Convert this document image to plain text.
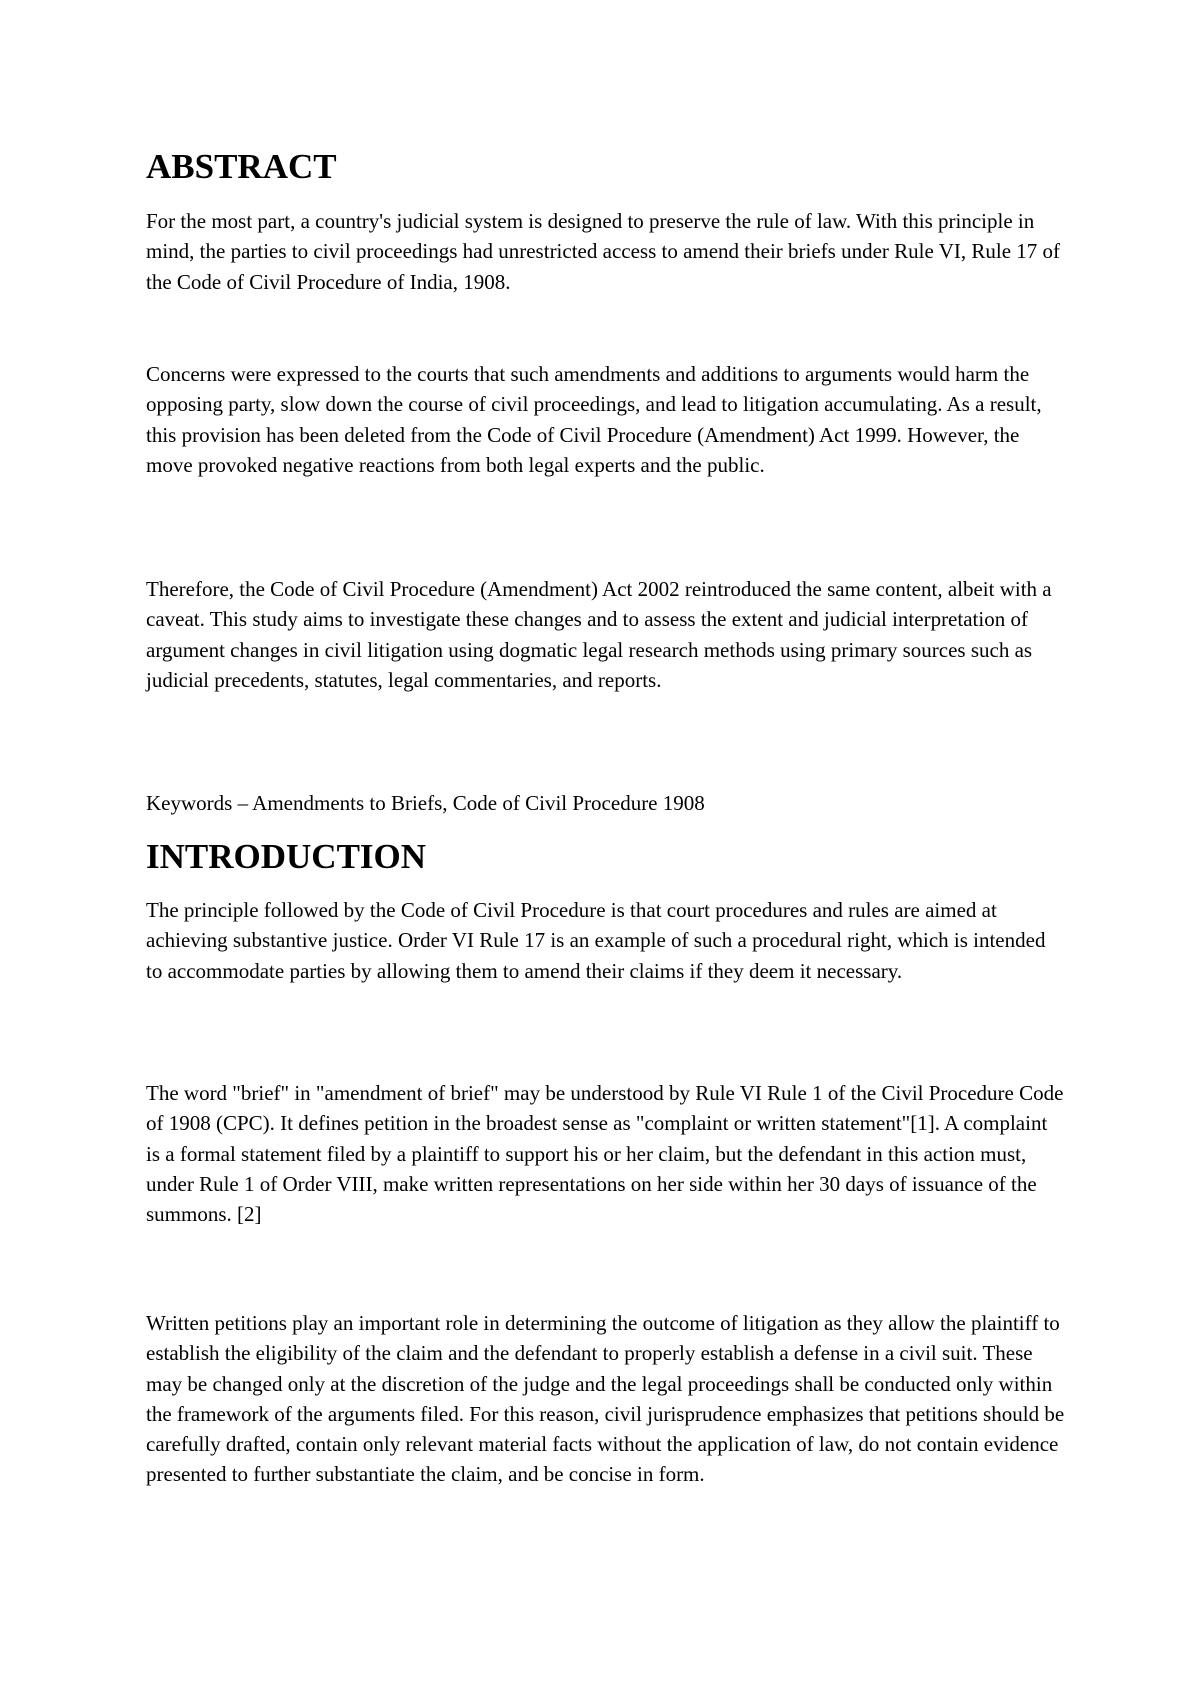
ABSTRACT

For the most part, a country's judicial system is designed to preserve the rule of law. With this principle in mind, the parties to civil proceedings had unrestricted access to amend their briefs under Rule VI, Rule 17 of the Code of Civil Procedure of India, 1908.

Concerns were expressed to the courts that such amendments and additions to arguments would harm the opposing party, slow down the course of civil proceedings, and lead to litigation accumulating. As a result, this provision has been deleted from the Code of Civil Procedure (Amendment) Act 1999. However, the move provoked negative reactions from both legal experts and the public.

Therefore, the Code of Civil Procedure (Amendment) Act 2002 reintroduced the same content, albeit with a caveat. This study aims to investigate these changes and to assess the extent and judicial interpretation of argument changes in civil litigation using dogmatic legal research methods using primary sources such as judicial precedents, statutes, legal commentaries, and reports.

Keywords – Amendments to Briefs, Code of Civil Procedure 1908

INTRODUCTION

The principle followed by the Code of Civil Procedure is that court procedures and rules are aimed at achieving substantive justice. Order VI Rule 17 is an example of such a procedural right, which is intended to accommodate parties by allowing them to amend their claims if they deem it necessary.

The word "brief" in "amendment of brief" may be understood by Rule VI Rule 1 of the Civil Procedure Code of 1908 (CPC). It defines petition in the broadest sense as "complaint or written statement"[1]. A complaint is a formal statement filed by a plaintiff to support his or her claim, but the defendant in this action must, under Rule 1 of Order VIII, make written representations on her side within her 30 days of issuance of the summons. [2]

Written petitions play an important role in determining the outcome of litigation as they allow the plaintiff to establish the eligibility of the claim and the defendant to properly establish a defense in a civil suit. These may be changed only at the discretion of the judge and the legal proceedings shall be conducted only within the framework of the arguments filed. For this reason, civil jurisprudence emphasizes that petitions should be carefully drafted, contain only relevant material facts without the application of law, do not contain evidence presented to further substantiate the claim, and be concise in form.
